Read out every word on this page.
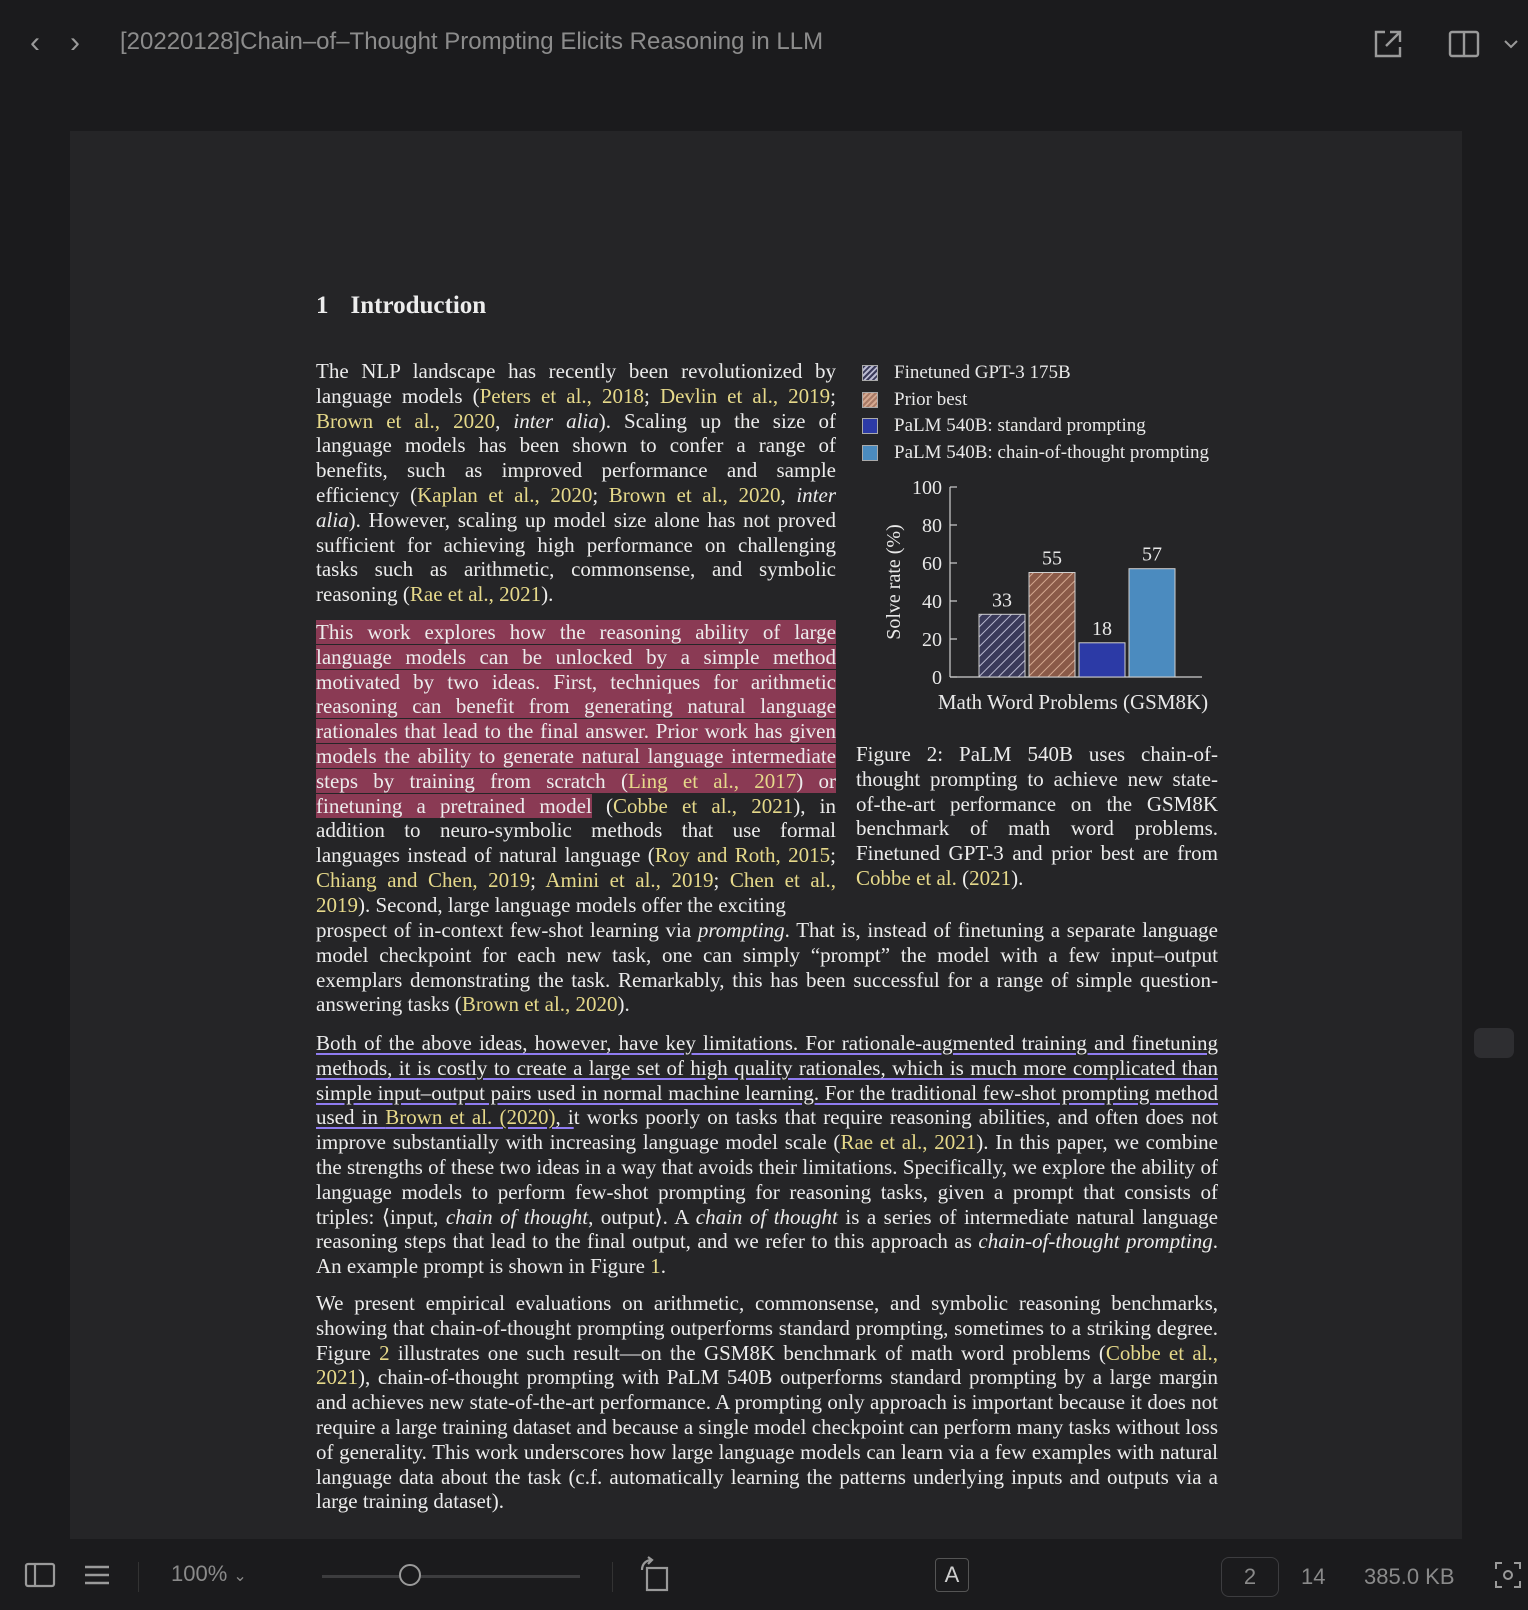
‹	›	[20220128]Chain–of–Thought Prompting Elicits Reasoning in LLM
1 Introduction
The NLP landscape has recently been revolutionized by language models (Peters et al., 2018; Devlin et al., 2019; Brown et al., 2020, inter alia). Scaling up the size of language models has been shown to confer a range of benefits, such as improved performance and sample efficiency (Kaplan et al., 2020; Brown et al., 2020, inter alia). However, scaling up model size alone has not proved sufficient for achieving high performance on challenging tasks such as arithmetic, commonsense, and symbolic reasoning (Rae et al., 2021).
This work explores how the reasoning ability of large language models can be unlocked by a simple method motivated by two ideas. First, techniques for arithmetic reasoning can benefit from generating natural language rationales that lead to the final answer. Prior work has given models the ability to generate natural language intermediate steps by training from scratch (Ling et al., 2017) or finetuning a pretrained model (Cobbe et al., 2021), in addition to neuro-symbolic methods that use formal languages instead of natural language (Roy and Roth, 2015; Chiang and Chen, 2019; Amini et al., 2019; Chen et al., 2019). Second, large language models offer the exciting
prospect of in-context few-shot learning via prompting. That is, instead of finetuning a separate language model checkpoint for each new task, one can simply “prompt” the model with a few input–output exemplars demonstrating the task. Remarkably, this has been successful for a range of simple question-answering tasks (Brown et al., 2020).
Both of the above ideas, however, have key limitations. For rationale-augmented training and finetuning methods, it is costly to create a large set of high quality rationales, which is much more complicated than simple input–output pairs used in normal machine learning. For the traditional few-shot prompting method used in Brown et al. (2020), it works poorly on tasks that require reasoning abilities, and often does not improve substantially with increasing language model scale (Rae et al., 2021). In this paper, we combine the strengths of these two ideas in a way that avoids their limitations. Specifically, we explore the ability of language models to perform few-shot prompting for reasoning tasks, given a prompt that consists of triples: ⟨input, chain of thought, output⟩. A chain of thought is a series of intermediate natural language reasoning steps that lead to the final output, and we refer to this approach as chain-of-thought prompting. An example prompt is shown in Figure 1.
We present empirical evaluations on arithmetic, commonsense, and symbolic reasoning benchmarks, showing that chain-of-thought prompting outperforms standard prompting, sometimes to a striking degree. Figure 2 illustrates one such result—on the GSM8K benchmark of math word problems (Cobbe et al., 2021), chain-of-thought prompting with PaLM 540B outperforms standard prompting by a large margin and achieves new state-of-the-art performance. A prompting only approach is important because it does not require a large training dataset and because a single model checkpoint can perform many tasks without loss of generality. This work underscores how large language models can learn via a few examples with natural language data about the task (c.f. automatically learning the patterns underlying inputs and outputs via a large training dataset).
Finetuned GPT-3 175B
Prior best
PaLM 540B: standard prompting
PaLM 540B: chain-of-thought prompting
0
20
40
60
80
100
Solve rate (%)
Math Word Problems (GSM8K)
33
55
18
57
Figure 2: PaLM 540B uses chain-of-thought prompting to achieve new state-of-the-art performance on the GSM8K benchmark of math word problems. Finetuned GPT-3 and prior best are from Cobbe et al. (2021).
100% ⌄	A	2	14 385.0 KB
